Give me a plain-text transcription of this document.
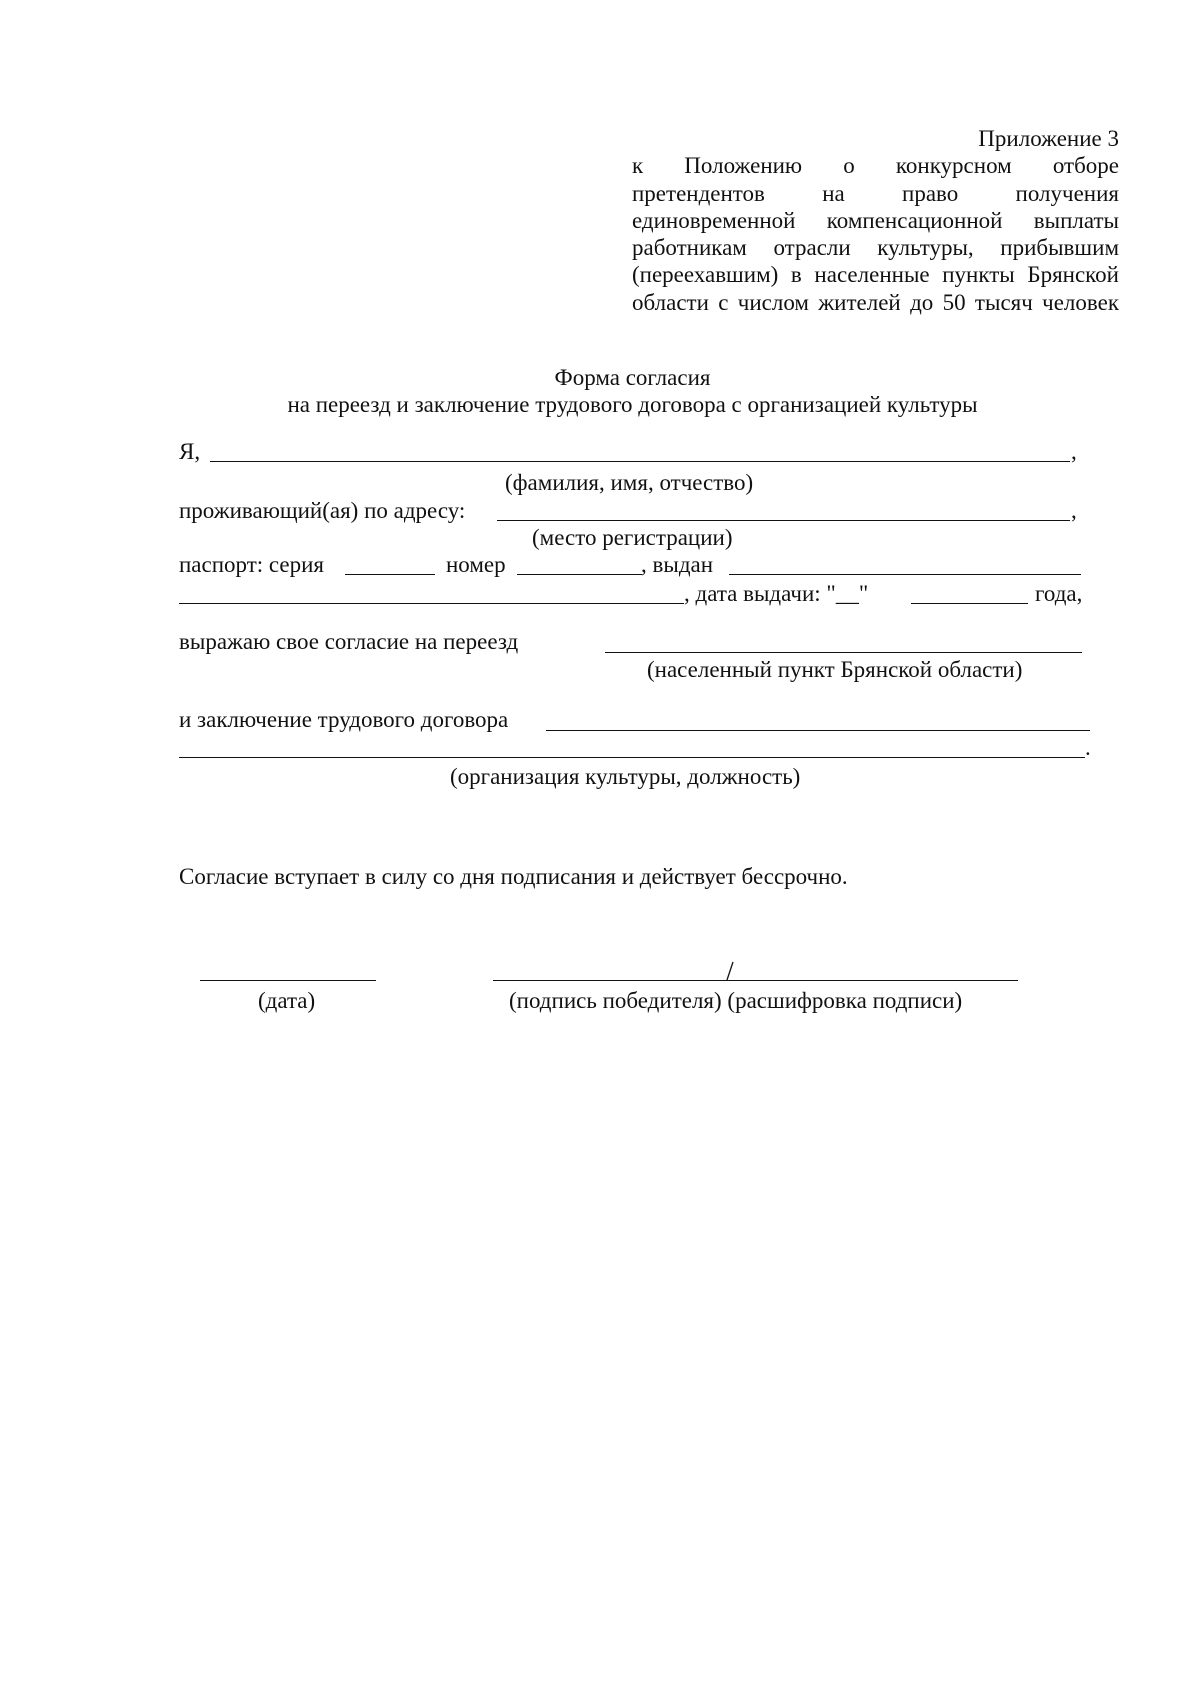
Приложение 3
к Положению о конкурсном отборе
претендентов на право получения
единовременной компенсационной выплаты
работникам отрасли культуры, прибывшим
(переехавшим) в населенные пункты Брянской
области с числом жителей до 50 тысяч человек
Форма согласия
на переезд и заключение трудового договора с организацией культуры
Я,	,
(фамилия, имя, отчество)
проживающий(ая) по адресу:	,
(место регистрации)
паспорт: серия	номер	, выдан
, дата выдачи: "__"	года,
выражаю свое согласие на переезд
(населенный пункт Брянской области)
и заключение трудового договора
.
(организация культуры, должность)
Согласие вступает в силу со дня подписания и действует бессрочно.
(дата)	(подпись победителя) (расшифровка подписи)
